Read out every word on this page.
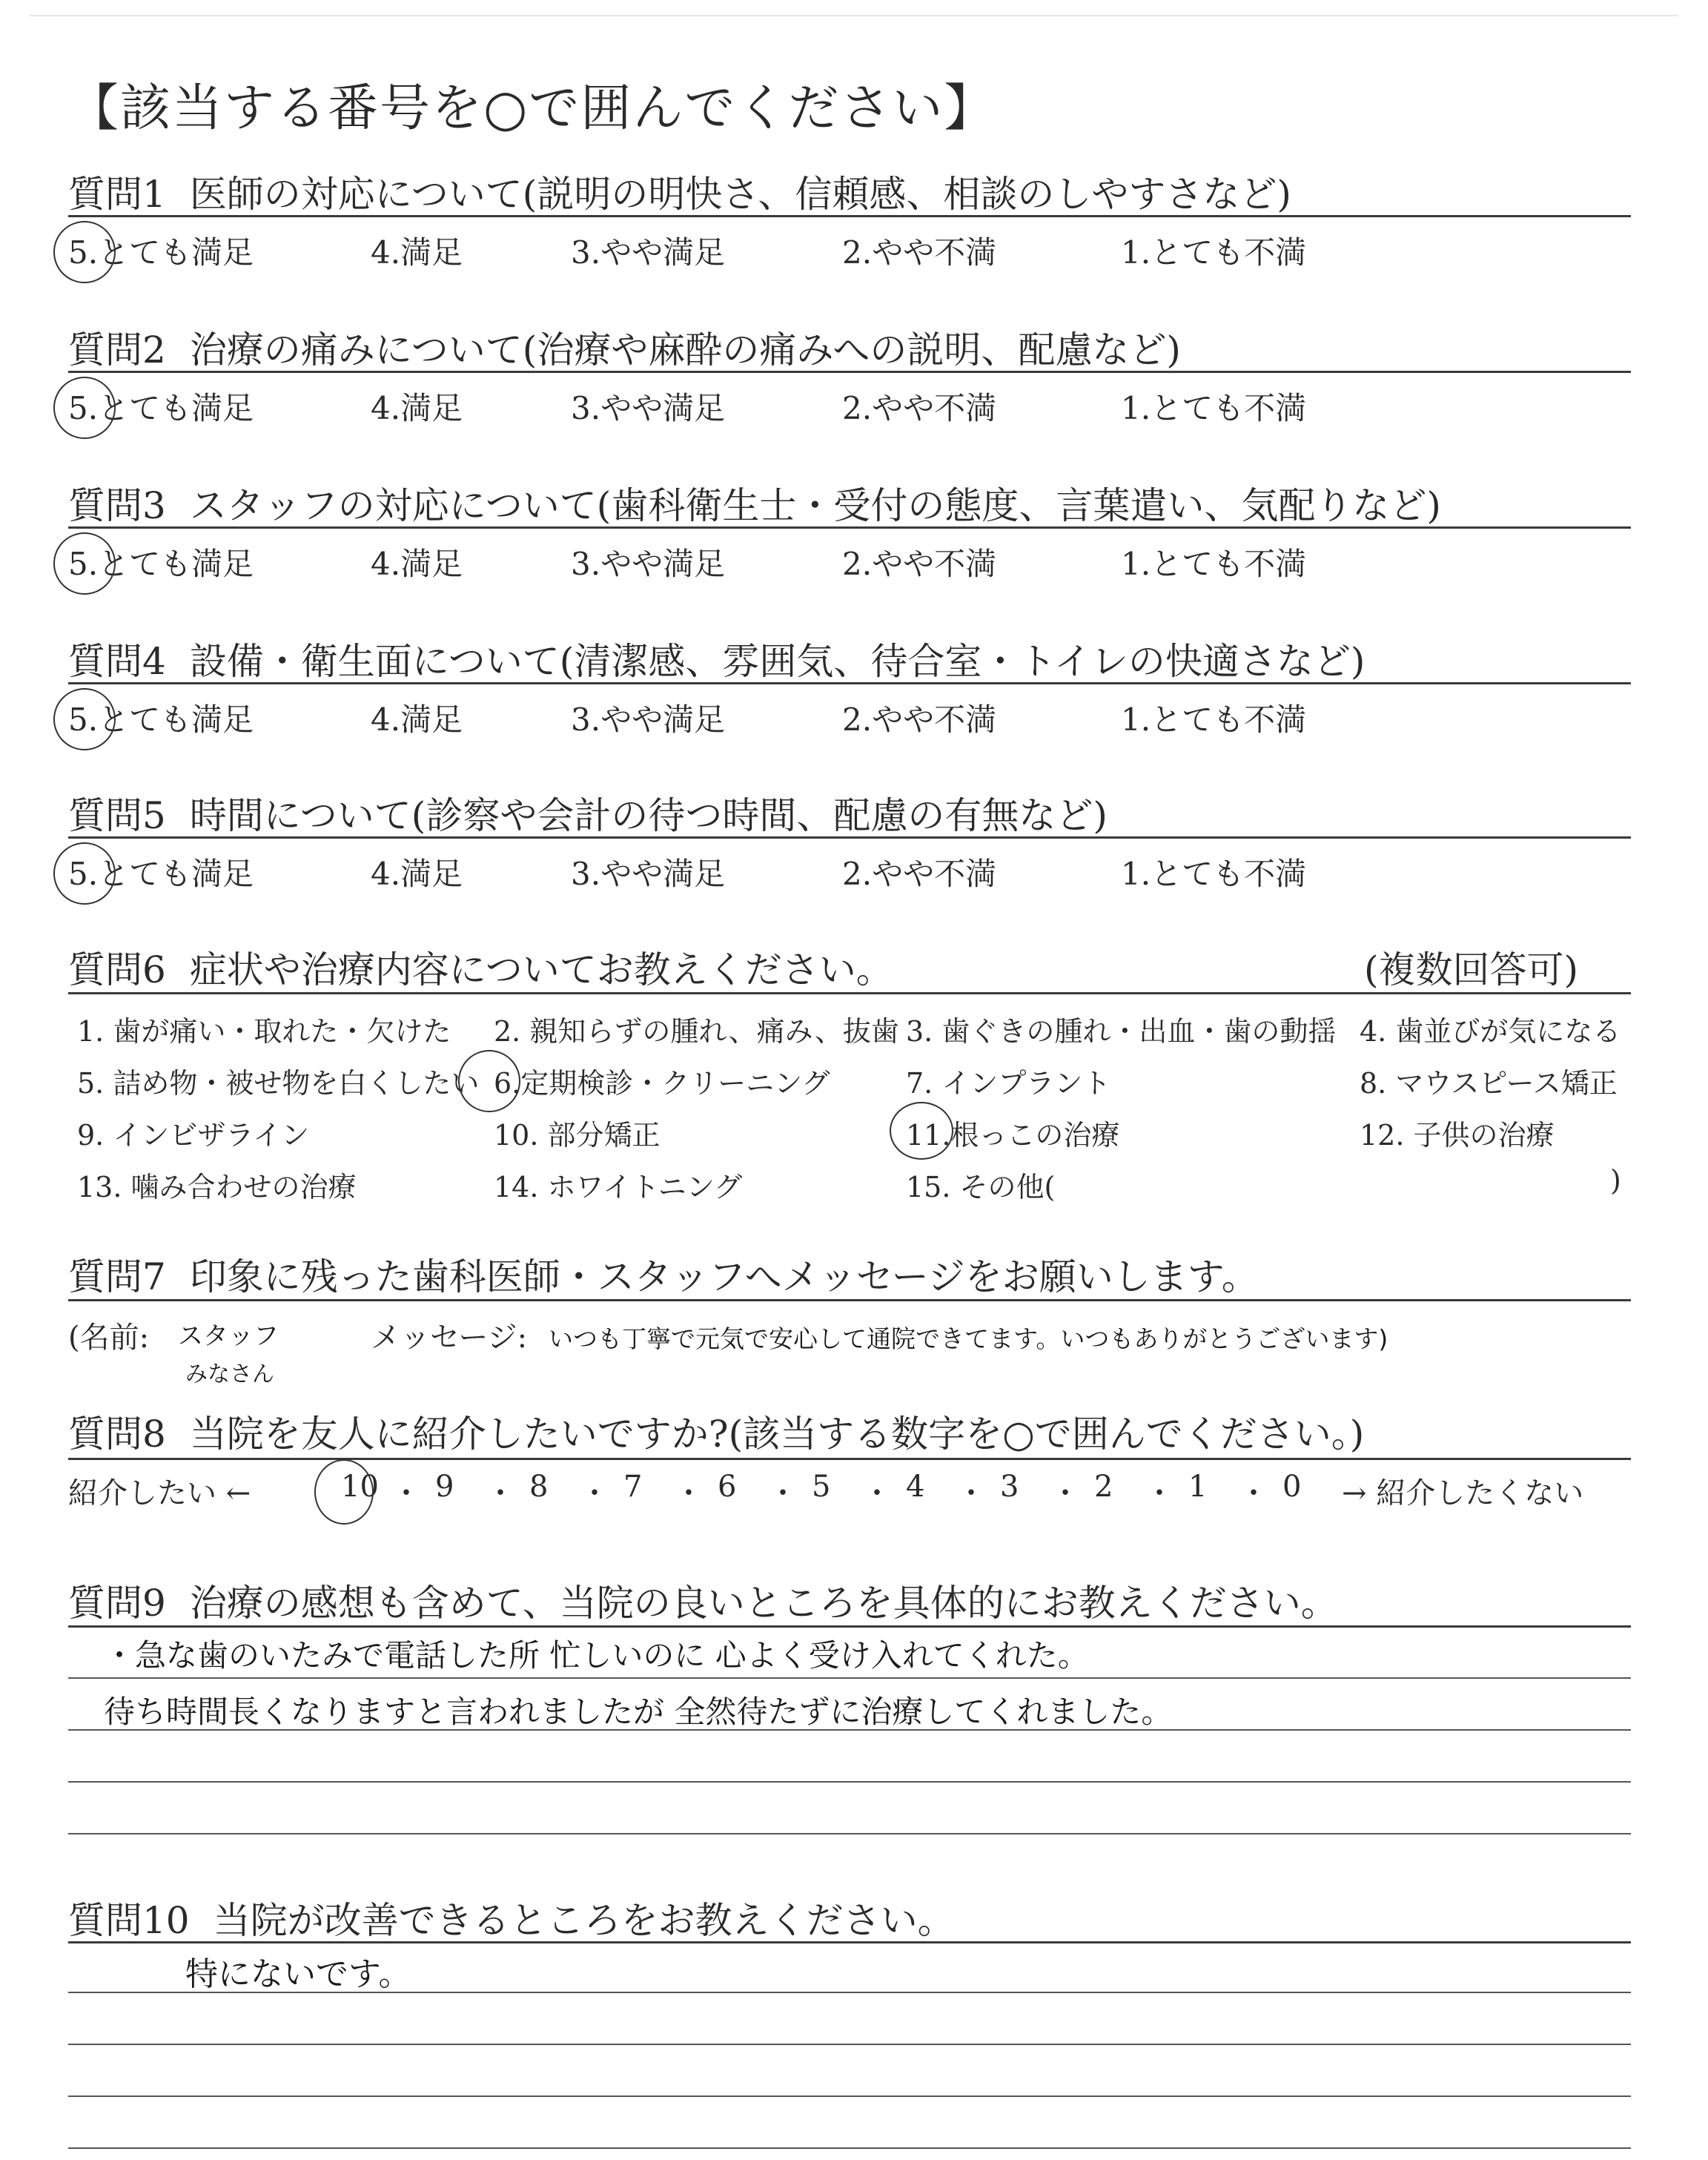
【該当する番号を○で囲んでください】
質問1 医師の対応について(説明の明快さ、信頼感、相談のしやすさなど)
5.とても満足	4.満足	3.やや満足	2.やや不満	1.とても不満
質問2 治療の痛みについて(治療や麻酔の痛みへの説明、配慮など)
5.とても満足	4.満足	3.やや満足	2.やや不満	1.とても不満
質問3 スタッフの対応について(歯科衛生士・受付の態度、言葉遣い、気配りなど)
5.とても満足	4.満足	3.やや満足	2.やや不満	1.とても不満
質問4 設備・衛生面について(清潔感、雰囲気、待合室・トイレの快適さなど)
5.とても満足	4.満足	3.やや満足	2.やや不満	1.とても不満
質問5 時間について(診察や会計の待つ時間、配慮の有無など)
5.とても満足	4.満足	3.やや満足	2.やや不満	1.とても不満
質問6 症状や治療内容についてお教えください。	(複数回答可)
1. 歯が痛い・取れた・欠けた 2. 親知らずの腫れ、痛み、抜歯 3. 歯ぐきの腫れ・出血・歯の動揺 4. 歯並びが気になる
5. 詰め物・被せ物を白くしたい 6.定期検診・クリーニング	7. インプラント	8. マウスピース矯正
9. インビザライン	10. 部分矯正	11.根っこの治療	12. 子供の治療
13. 噛み合わせの治療	14. ホワイトニング	15. その他(	)
質問7 印象に残った歯科医師・スタッフへメッセージをお願いします。
(名前: スタッフ
みなさん
メッセージ: いつも丁寧で元気で安心して通院できてます。いつもありがとうございます)
質問8 当院を友人に紹介したいですか?(該当する数字を○で囲んでください。)
紹介したい ←	→ 紹介したくない
10 ・ 9 ・ 8 ・ 7 ・ 6 ・ 5 ・ 4 ・ 3 ・ 2 ・ 1 ・ 0
質問9 治療の感想も含めて、当院の良いところを具体的にお教えください。
・急な歯のいたみで電話した所 忙しいのに 心よく受け入れてくれた。
待ち時間長くなりますと言われましたが 全然待たずに治療してくれました。
質問10 当院が改善できるところをお教えください。
特にないです。
